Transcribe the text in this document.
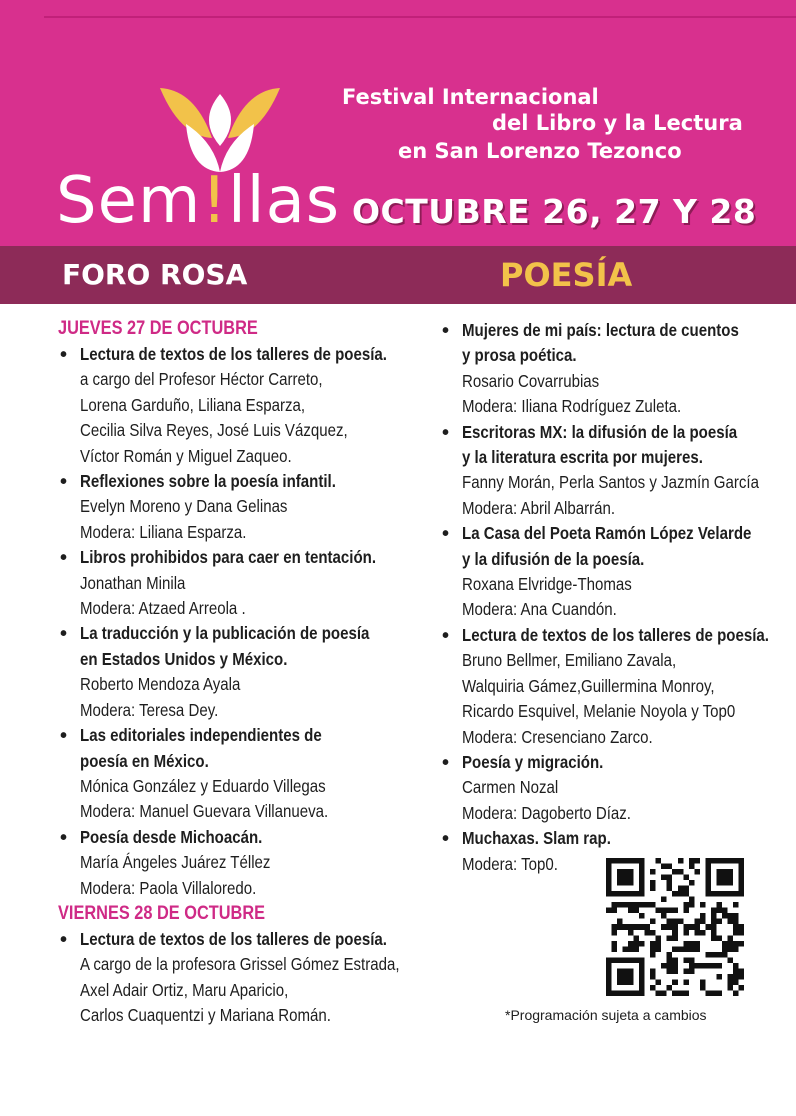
Sem!llas
Festival Internacional
del Libro y la Lectura
en San Lorenzo Tezonco
OCTUBRE 26, 27 Y 28
FORO ROSA	POESÍA
JUEVES 27 DE OCTUBRE
• Lectura de textos de los talleres de poesía.
a cargo del Profesor Héctor Carreto,
Lorena Garduño, Liliana Esparza,
Cecilia Silva Reyes, José Luis Vázquez,
Víctor Román y Miguel Zaqueo.
• Reflexiones sobre la poesía infantil.
Evelyn Moreno y Dana Gelinas
Modera: Liliana Esparza.
• Libros prohibidos para caer en tentación.
Jonathan Minila
Modera: Atzaed Arreola .
• La traducción y la publicación de poesía
en Estados Unidos y México.
Roberto Mendoza Ayala
Modera: Teresa Dey.
• Las editoriales independientes de
poesía en México.
Mónica González y Eduardo Villegas
Modera: Manuel Guevara Villanueva.
• Poesía desde Michoacán.
María Ángeles Juárez Téllez
Modera: Paola Villaloredo.
VIERNES 28 DE OCTUBRE
• Lectura de textos de los talleres de poesía.
A cargo de la profesora Grissel Gómez Estrada,
Axel Adair Ortiz, Maru Aparicio,
Carlos Cuaquentzi y Mariana Román.
• Mujeres de mi país: lectura de cuentos
y prosa poética.
Rosario Covarrubias
Modera: Iliana Rodríguez Zuleta.
• Escritoras MX: la difusión de la poesía
y la literatura escrita por mujeres.
Fanny Morán, Perla Santos y Jazmín García
Modera: Abril Albarrán.
• La Casa del Poeta Ramón López Velarde
y la difusión de la poesía.
Roxana Elvridge-Thomas
Modera: Ana Cuandón.
• Lectura de textos de los talleres de poesía.
Bruno Bellmer, Emiliano Zavala,
Walquiria Gámez,Guillermina Monroy,
Ricardo Esquivel, Melanie Noyola y Top0
Modera: Cresenciano Zarco.
• Poesía y migración.
Carmen Nozal
Modera: Dagoberto Díaz.
• Muchaxas. Slam rap.
Modera: Top0.
*Programación sujeta a cambios
